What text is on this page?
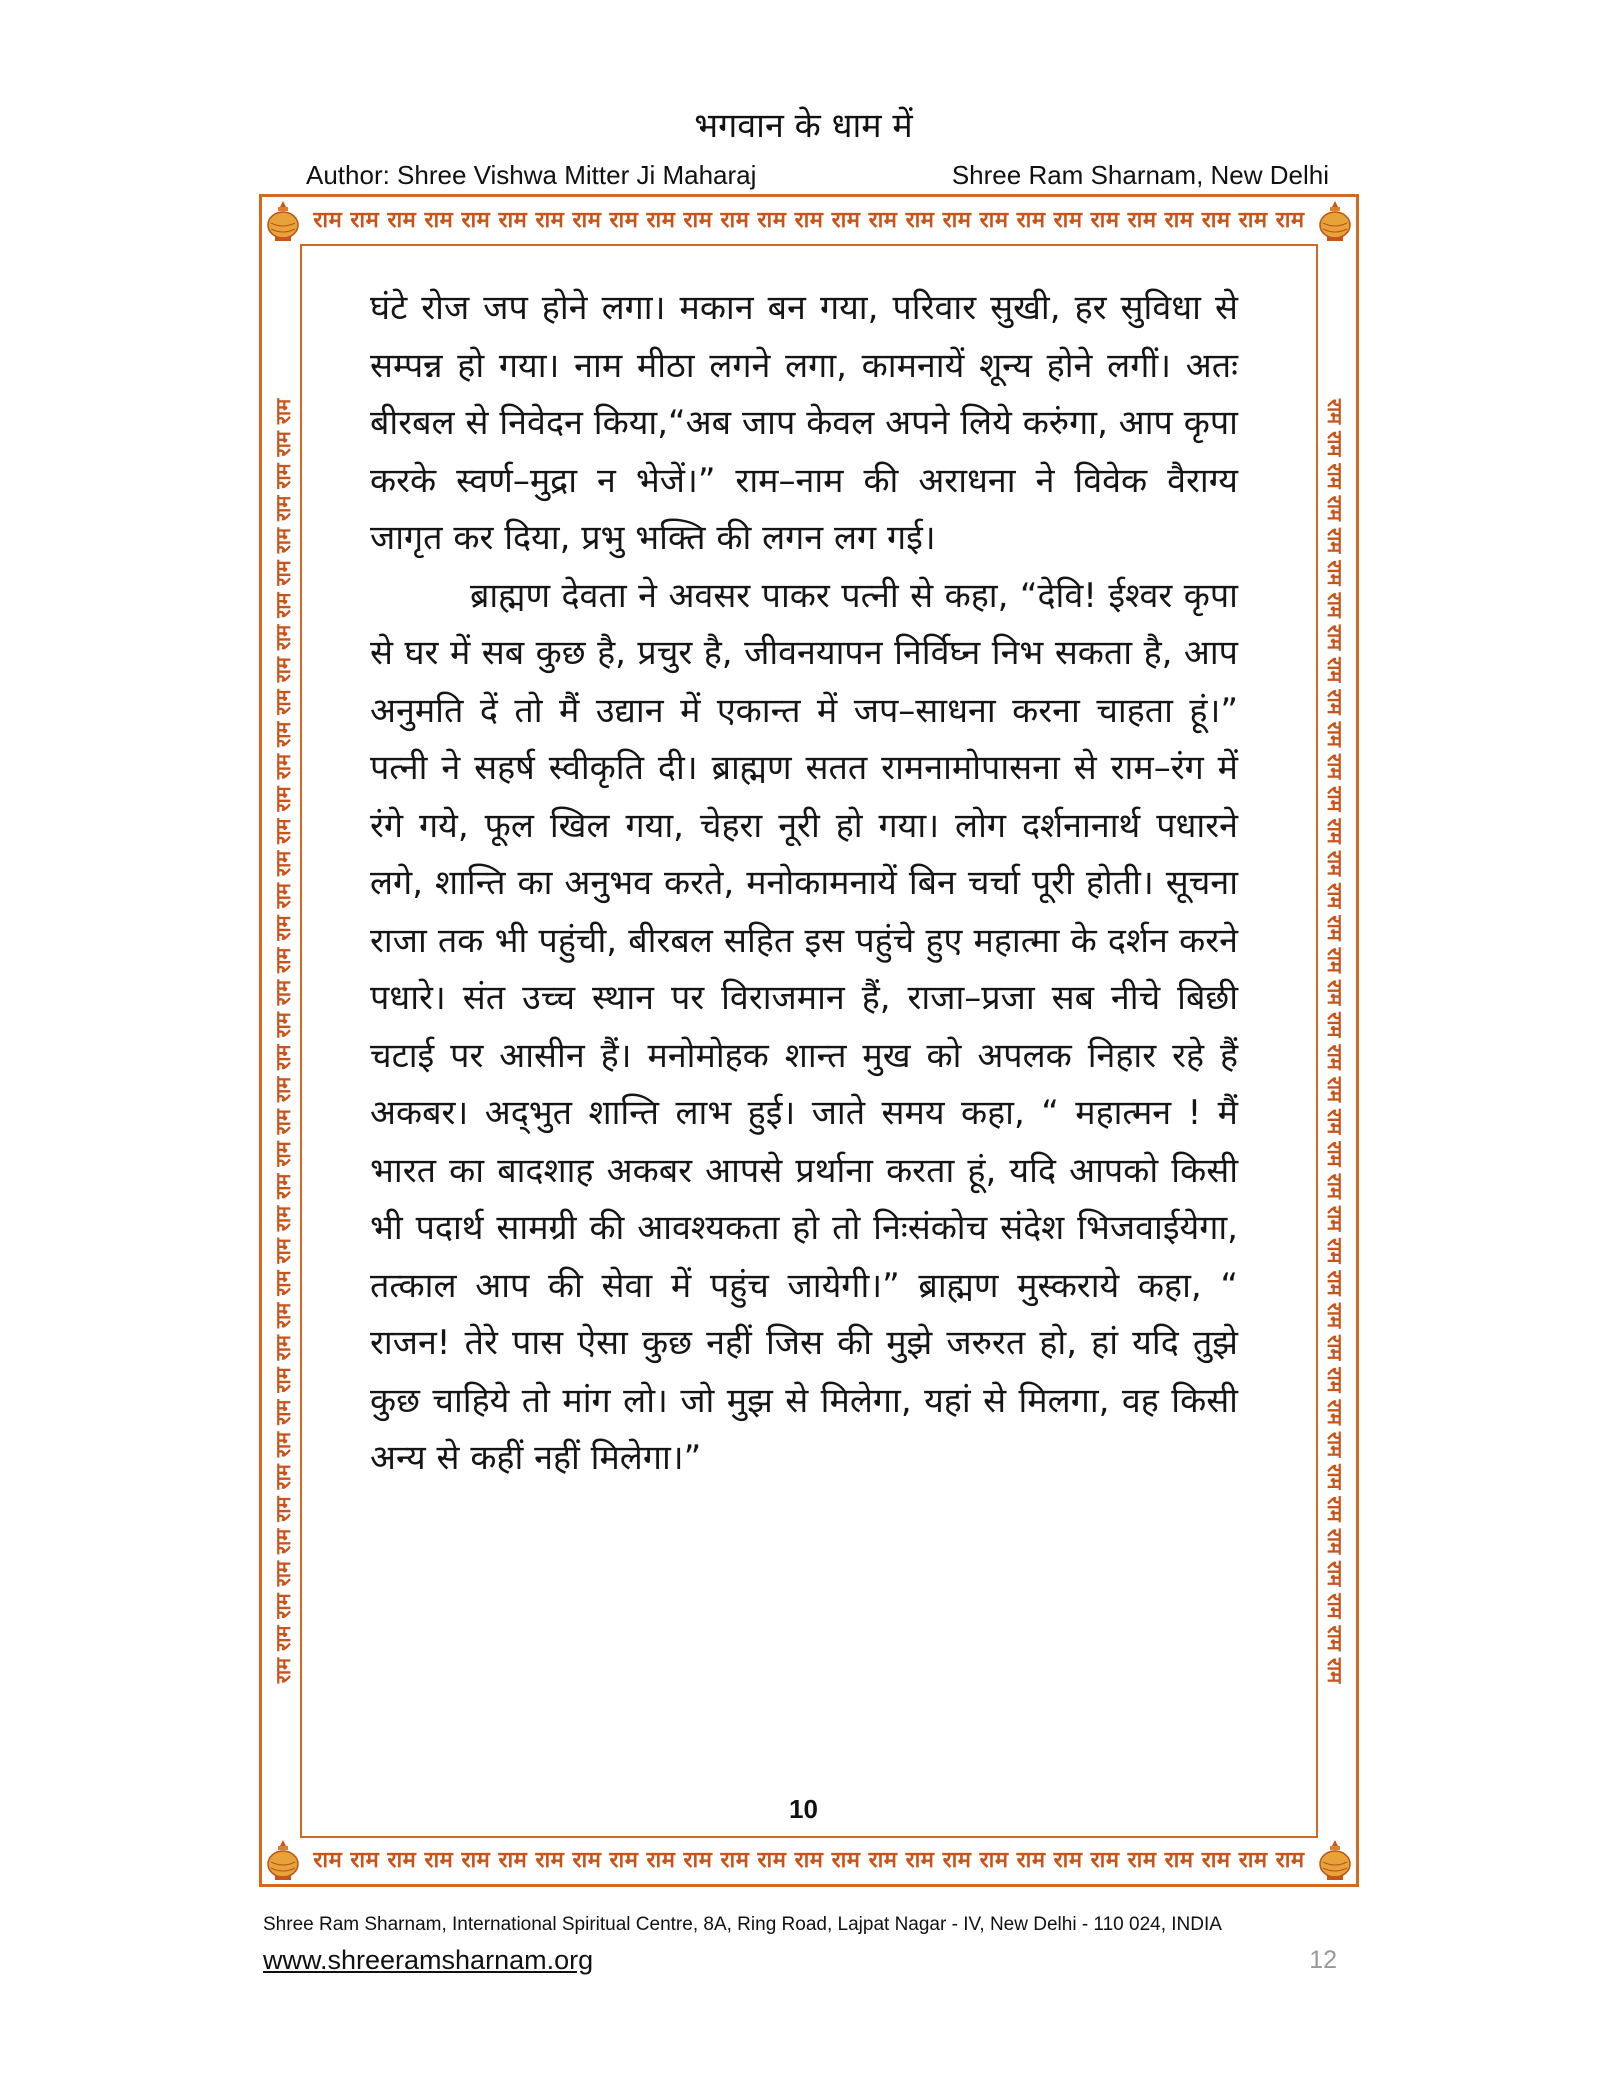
भगवान के धाम में
Author: Shree Vishwa Mitter Ji Maharaj	Shree Ram Sharnam, New Delhi
राम राम राम राम राम राम राम राम राम राम राम राम राम राम राम राम राम राम राम राम राम राम राम राम राम राम राम
राम राम राम राम राम राम राम राम राम राम राम राम राम राम राम राम राम राम राम राम राम राम राम राम राम राम राम
राम राम राम राम राम राम राम राम राम राम राम राम राम राम राम राम राम राम राम राम राम राम राम राम राम राम राम राम राम राम राम राम राम राम राम राम राम राम राम राम	राम राम राम राम राम राम राम राम राम राम राम राम राम राम राम राम राम राम राम राम राम राम राम राम राम राम राम राम राम राम राम राम राम राम राम राम राम राम राम राम

घंटे रोज जप होने लगा। मकान बन गया, परिवार सुखी, हर सुविधा से सम्पन्न हो गया। नाम मीठा लगने लगा, कामनायें शून्य होने लगीं। अतः बीरबल से निवेदन किया,“अब जाप केवल अपने लिये करुंगा, आप कृपा करके स्वर्ण–मुद्रा न भेजें।” राम–नाम की अराधना ने विवेक वैराग्य जागृत कर दिया, प्रभु भक्ति की लगन लग गई।

ब्राह्मण देवता ने अवसर पाकर पत्नी से कहा, “देवि! ईश्वर कृपा से घर में सब कुछ है, प्रचुर है, जीवनयापन निर्विघ्न निभ सकता है, आप अनुमति दें तो मैं उद्यान में एकान्त में जप–साधना करना चाहता हूं।” पत्नी ने सहर्ष स्वीकृति दी। ब्राह्मण सतत रामनामोपासना से राम–रंग में रंगे गये, फूल खिल गया, चेहरा नूरी हो गया। लोग दर्शनानार्थ पधारने लगे, शान्ति का अनुभव करते, मनोकामनायें बिन चर्चा पूरी होती। सूचना राजा तक भी पहुंची, बीरबल सहित इस पहुंचे हुए महात्मा के दर्शन करने पधारे। संत उच्च स्थान पर विराजमान हैं, राजा–प्रजा सब नीचे बिछी चटाई पर आसीन हैं। मनोमोहक शान्त मुख को अपलक निहार रहे हैं अकबर। अद्‌भुत शान्ति लाभ हुई। जाते समय कहा, “ महात्मन ! मैं भारत का बादशाह अकबर आपसे प्रर्थाना करता हूं, यदि आपको किसी भी पदार्थ सामग्री की आवश्यकता हो तो निःसंकोच संदेश भिजवाईयेगा, तत्काल आप की सेवा में पहुंच जायेगी।” ब्राह्मण मुस्कराये कहा, “ राजन! तेरे पास ऐसा कुछ नहीं जिस की मुझे जरुरत हो, हां यदि तुझे कुछ चाहिये तो मांग लो। जो मुझ से मिलेगा, यहां से मिलगा, वह किसी अन्य से कहीं नहीं मिलेगा।”

10
Shree Ram Sharnam, International Spiritual Centre, 8A, Ring Road, Lajpat Nagar - IV, New Delhi - 110 024, INDIA
www.shreeramsharnam.org	12
